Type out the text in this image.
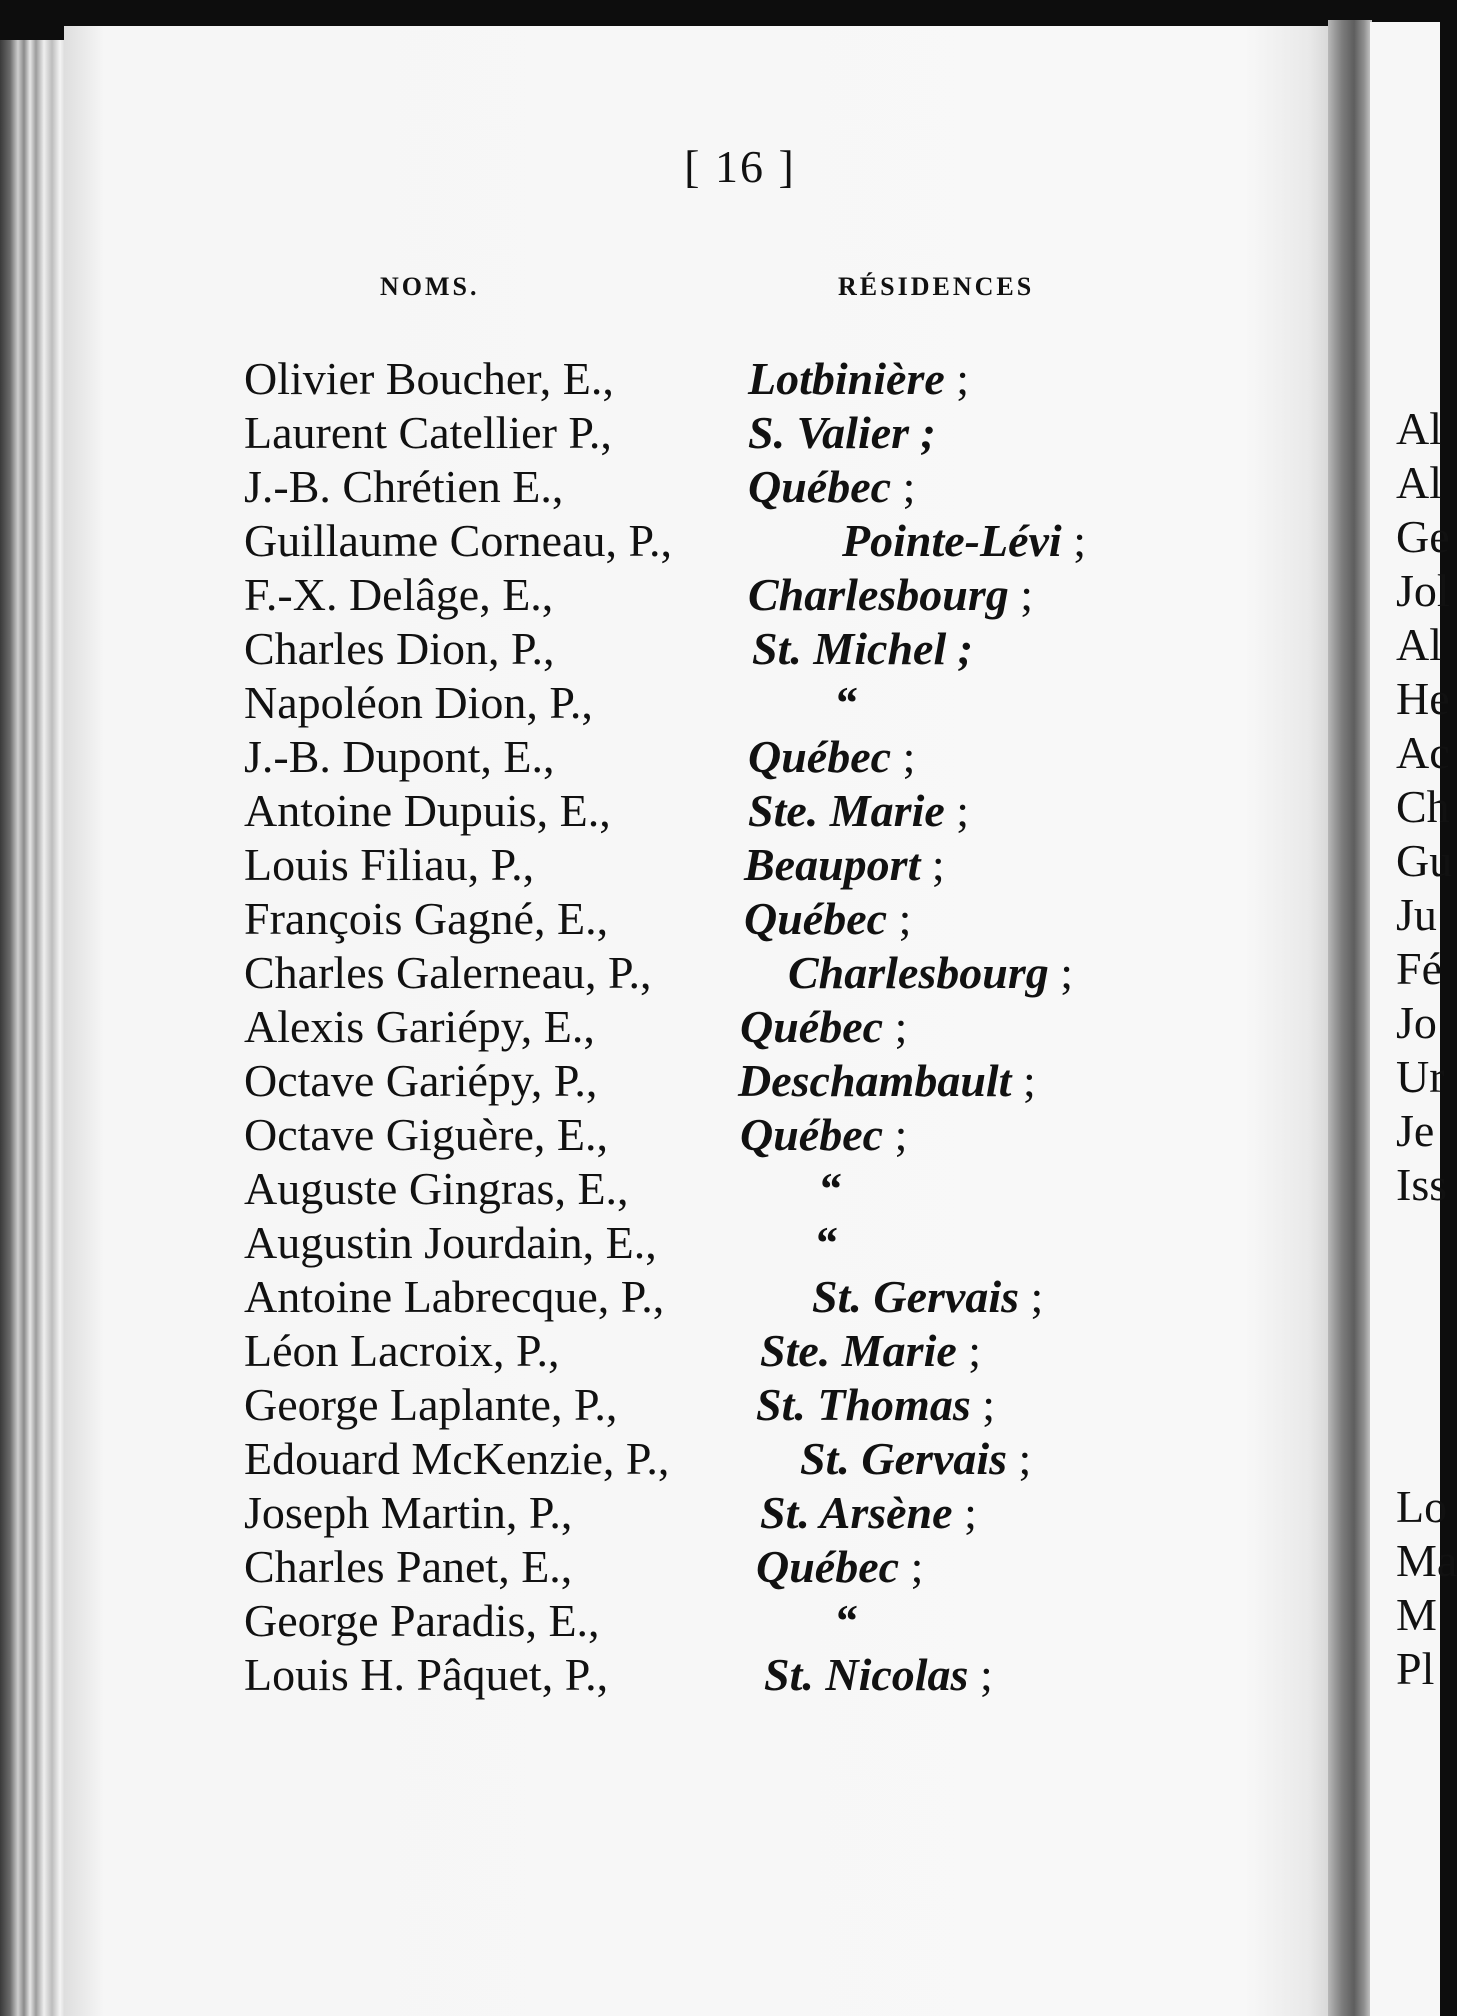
[ 16 ]
NOMS.	RÉSIDENCES
Olivier Boucher, E.,	Lotbinière ;
Laurent Catellier P.,	S. Valier ;
J.-B. Chrétien E.,	Québec ;
Guillaume Corneau, P.,	Pointe-Lévi ;
F.-X. Delâge, E.,	Charlesbourg ;
Charles Dion, P.,	St. Michel ;
Napoléon Dion, P.,	“
J.-B. Dupont, E.,	Québec ;
Antoine Dupuis, E.,	Ste. Marie ;
Louis Filiau, P.,	Beauport ;
François Gagné, E.,	Québec ;
Charles Galerneau, P.,	Charlesbourg ;
Alexis Gariépy, E.,	Québec ;
Octave Gariépy, P.,	Deschambault ;
Octave Giguère, E.,	Québec ;
Auguste Gingras, E.,	“
Augustin Jourdain, E.,	“
Antoine Labrecque, P.,	St. Gervais ;
Léon Lacroix, P.,	Ste. Marie ;
George Laplante, P.,	St. Thomas ;
Edouard McKenzie, P.,	St. Gervais ;
Joseph Martin, P.,	St. Arsène ;
Charles Panet, E.,	Québec ;
George Paradis, E.,	“
Louis H. Pâquet, P.,	St. Nicolas ;
Al
Al
Ge
Jol
Al
He
Ac
Ch
Gu
Ju
Fé
Jo
Ur
Je
Iss
Lo
Ma
M
Pl
